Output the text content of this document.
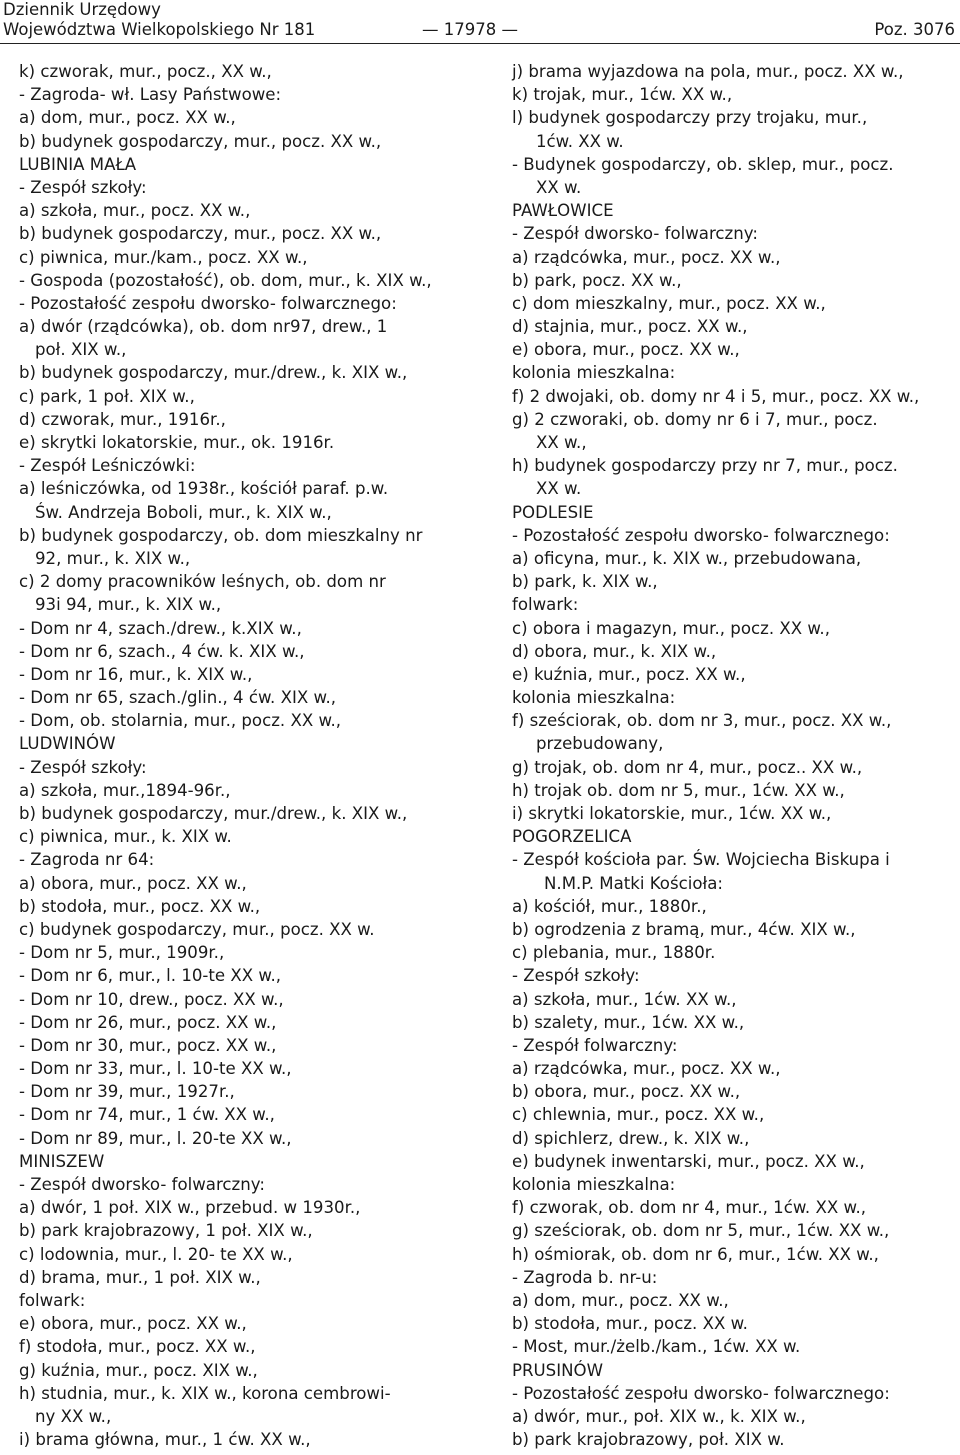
Dziennik Urzędowy
Województwa Wielkopolskiego Nr 181	— 17978 —	Poz. 3076
k) czworak, mur., pocz., XX w.,
- Zagroda- wł. Lasy Państwowe:
a) dom, mur., pocz. XX w.,
b) budynek gospodarczy, mur., pocz. XX w.,
LUBINIA MAŁA
- Zespół szkoły:
a) szkoła, mur., pocz. XX w.,
b) budynek gospodarczy, mur., pocz. XX w.,
c) piwnica, mur./kam., pocz. XX w.,
- Gospoda (pozostałość), ob. dom, mur., k. XIX w.,
- Pozostałość zespołu dworsko- folwarcznego:
a) dwór (rządcówka), ob. dom nr97, drew., 1
poł. XIX w.,
b) budynek gospodarczy, mur./drew., k. XIX w.,
c) park, 1 poł. XIX w.,
d) czworak, mur., 1916r.,
e) skrytki lokatorskie, mur., ok. 1916r.
- Zespół Leśniczówki:
a) leśniczówka, od 1938r., kościół paraf. p.w.
Św. Andrzeja Boboli, mur., k. XIX w.,
b) budynek gospodarczy, ob. dom mieszkalny nr
92, mur., k. XIX w.,
c) 2 domy pracowników leśnych, ob. dom nr
93i 94, mur., k. XIX w.,
- Dom nr 4, szach./drew., k.XIX w.,
- Dom nr 6, szach., 4 ćw. k. XIX w.,
- Dom nr 16, mur., k. XIX w.,
- Dom nr 65, szach./glin., 4 ćw. XIX w.,
- Dom, ob. stolarnia, mur., pocz. XX w.,
LUDWINÓW
- Zespół szkoły:
a) szkoła, mur.,1894-96r.,
b) budynek gospodarczy, mur./drew., k. XIX w.,
c) piwnica, mur., k. XIX w.
- Zagroda nr 64:
a) obora, mur., pocz. XX w.,
b) stodoła, mur., pocz. XX w.,
c) budynek gospodarczy, mur., pocz. XX w.
- Dom nr 5, mur., 1909r.,
- Dom nr 6, mur., l. 10-te XX w.,
- Dom nr 10, drew., pocz. XX w.,
- Dom nr 26, mur., pocz. XX w.,
- Dom nr 30, mur., pocz. XX w.,
- Dom nr 33, mur., l. 10-te XX w.,
- Dom nr 39, mur., 1927r.,
- Dom nr 74, mur., 1 ćw. XX w.,
- Dom nr 89, mur., l. 20-te XX w.,
MINISZEW
- Zespół dworsko- folwarczny:
a) dwór, 1 poł. XIX w., przebud. w 1930r.,
b) park krajobrazowy, 1 poł. XIX w.,
c) lodownia, mur., l. 20- te XX w.,
d) brama, mur., 1 poł. XIX w.,
folwark:
e) obora, mur., pocz. XX w.,
f) stodoła, mur., pocz. XX w.,
g) kuźnia, mur., pocz. XIX w.,
h) studnia, mur., k. XIX w., korona cembrowi-
ny XX w.,
i) brama główna, mur., 1 ćw. XX w.,
j) brama wyjazdowa na pola, mur., pocz. XX w.,
k) trojak, mur., 1ćw. XX w.,
l) budynek gospodarczy przy trojaku, mur.,
1ćw. XX w.
- Budynek gospodarczy, ob. sklep, mur., pocz.
XX w.
PAWŁOWICE
- Zespół dworsko- folwarczny:
a) rządcówka, mur., pocz. XX w.,
b) park, pocz. XX w.,
c) dom mieszkalny, mur., pocz. XX w.,
d) stajnia, mur., pocz. XX w.,
e) obora, mur., pocz. XX w.,
kolonia mieszkalna:
f) 2 dwojaki, ob. domy nr 4 i 5, mur., pocz. XX w.,
g) 2 czworaki, ob. domy nr 6 i 7, mur., pocz.
XX w.,
h) budynek gospodarczy przy nr 7, mur., pocz.
XX w.
PODLESIE
- Pozostałość zespołu dworsko- folwarcznego:
a) oficyna, mur., k. XIX w., przebudowana,
b) park, k. XIX w.,
folwark:
c) obora i magazyn, mur., pocz. XX w.,
d) obora, mur., k. XIX w.,
e) kuźnia, mur., pocz. XX w.,
kolonia mieszkalna:
f) sześciorak, ob. dom nr 3, mur., pocz. XX w.,
przebudowany,
g) trojak, ob. dom nr 4, mur., pocz.. XX w.,
h) trojak ob. dom nr 5, mur., 1ćw. XX w.,
i) skrytki lokatorskie, mur., 1ćw. XX w.,
POGORZELICA
- Zespół kościoła par. Św. Wojciecha Biskupa i
N.M.P. Matki Kościoła:
a) kościół, mur., 1880r.,
b) ogrodzenia z bramą, mur., 4ćw. XIX w.,
c) plebania, mur., 1880r.
- Zespół szkoły:
a) szkoła, mur., 1ćw. XX w.,
b) szalety, mur., 1ćw. XX w.,
- Zespół folwarczny:
a) rządcówka, mur., pocz. XX w.,
b) obora, mur., pocz. XX w.,
c) chlewnia, mur., pocz. XX w.,
d) spichlerz, drew., k. XIX w.,
e) budynek inwentarski, mur., pocz. XX w.,
kolonia mieszkalna:
f) czworak, ob. dom nr 4, mur., 1ćw. XX w.,
g) sześciorak, ob. dom nr 5, mur., 1ćw. XX w.,
h) ośmiorak, ob. dom nr 6, mur., 1ćw. XX w.,
- Zagroda b. nr-u:
a) dom, mur., pocz. XX w.,
b) stodoła, mur., pocz. XX w.
- Most, mur./żelb./kam., 1ćw. XX w.
PRUSINÓW
- Pozostałość zespołu dworsko- folwarcznego:
a) dwór, mur., poł. XIX w., k. XIX w.,
b) park krajobrazowy, poł. XIX w.
